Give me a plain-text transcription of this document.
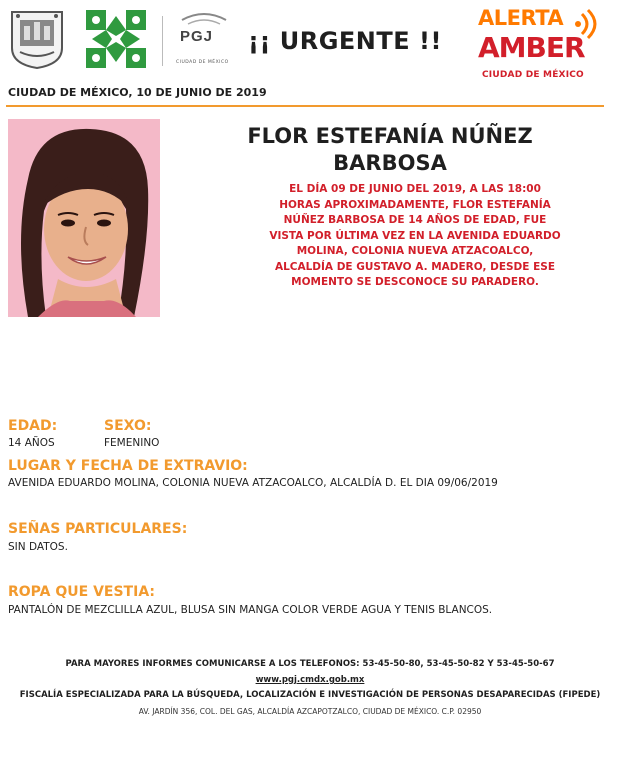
PGJ
CIUDAD DE MÉXICO
¡¡ URGENTE !!
ALERTA
AMBER
CIUDAD DE MÉXICO
CIUDAD DE MÉXICO, 10 DE JUNIO DE 2019
FLOR ESTEFANÍA NÚÑEZ
BARBOSA
EL DÍA 09 DE JUNIO DEL 2019, A LAS 18:00 HORAS APROXIMADAMENTE, FLOR ESTEFANÍA NÚÑEZ BARBOSA DE 14 AÑOS DE EDAD, FUE VISTA POR ÚLTIMA VEZ EN LA AVENIDA EDUARDO MOLINA, COLONIA NUEVA ATZACOALCO, ALCALDÍA DE GUSTAVO A. MADERO, DESDE ESE MOMENTO SE DESCONOCE SU PARADERO.
EDAD:	SEXO:
14 AÑOS	FEMENINO
LUGAR Y FECHA DE EXTRAVIO:
AVENIDA EDUARDO MOLINA, COLONIA NUEVA ATZACOALCO, ALCALDÍA D. EL DIA 09/06/2019
SEÑAS PARTICULARES:
SIN DATOS.
ROPA QUE VESTIA:
PANTALÓN DE MEZCLILLA AZUL, BLUSA SIN MANGA COLOR VERDE AGUA Y TENIS BLANCOS.
PARA MAYORES INFORMES COMUNICARSE A LOS TELEFONOS: 53-45-50-80, 53-45-50-82 Y 53-45-50-67
www.pgj.cmdx.gob.mx
FISCALÍA ESPECIALIZADA PARA LA BÚSQUEDA, LOCALIZACIÓN E INVESTIGACIÓN DE PERSONAS DESAPARECIDAS (FIPEDE)
AV. JARDÍN 356, COL. DEL GAS, ALCALDÍA AZCAPOTZALCO, CIUDAD DE MÉXICO. C.P. 02950
